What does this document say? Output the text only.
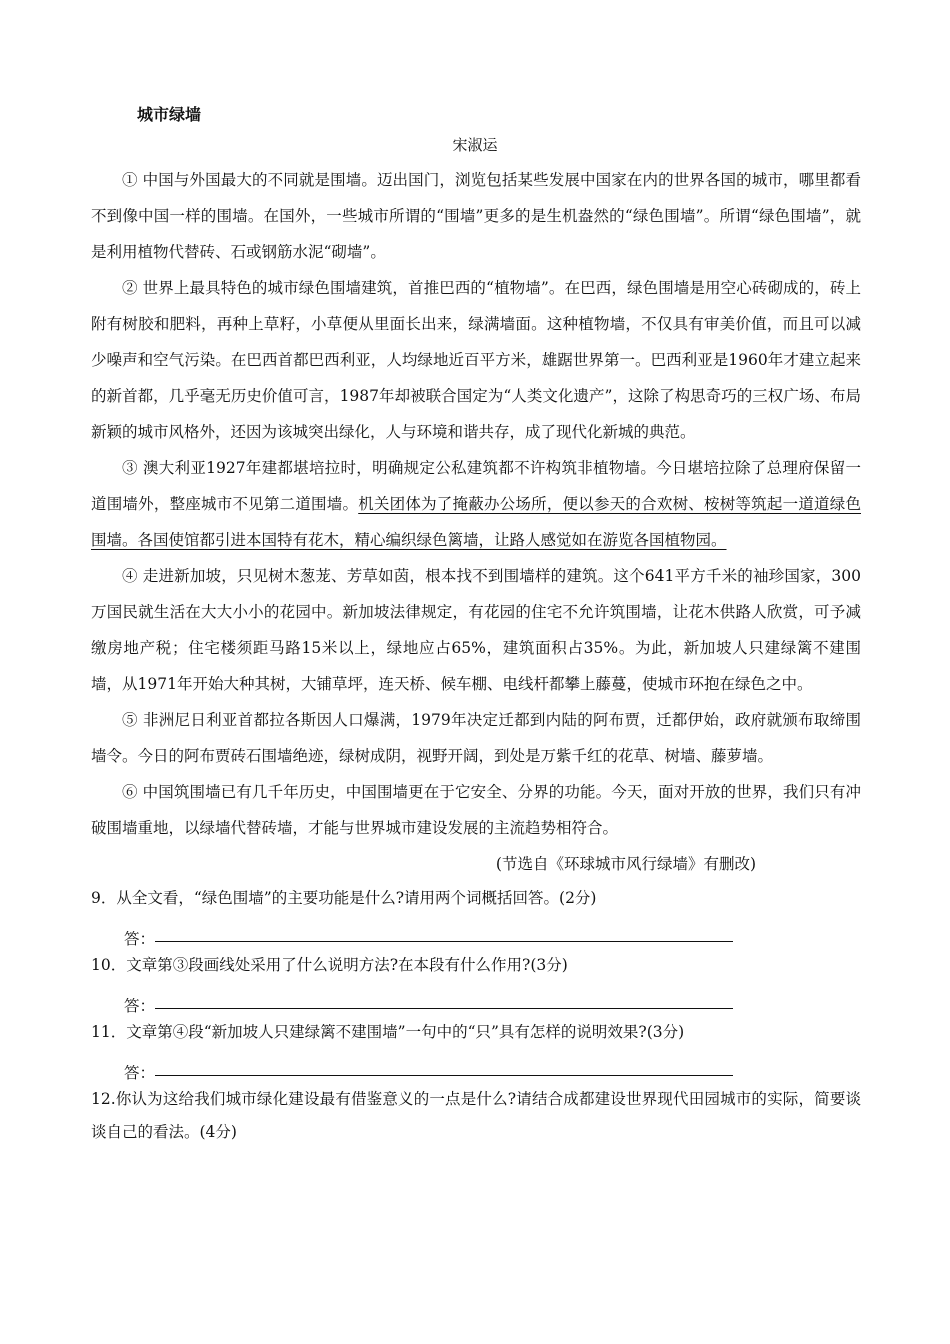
城市绿墙
宋淑运

① 中国与外国最大的不同就是围墙。迈出国门，浏览包括某些发展中国家在内的世界各国的城市，哪里都看不到像中国一样的围墙。在国外，一些城市所谓的“围墙”更多的是生机盎然的“绿色围墙”。所谓“绿色围墙”，就是利用植物代替砖、石或钢筋水泥“砌墙”。

② 世界上最具特色的城市绿色围墙建筑，首推巴西的“植物墙”。在巴西，绿色围墙是用空心砖砌成的，砖上附有树胶和肥料，再种上草籽，小草便从里面长出来，绿满墙面。这种植物墙，不仅具有审美价值，而且可以减少噪声和空气污染。在巴西首都巴西利亚，人均绿地近百平方米，雄踞世界第一。巴西利亚是1960年才建立起来的新首都，几乎毫无历史价值可言，1987年却被联合国定为“人类文化遗产”，这除了构思奇巧的三权广场、布局新颖的城市风格外，还因为该城突出绿化，人与环境和谐共存，成了现代化新城的典范。

③ 澳大利亚1927年建都堪培拉时，明确规定公私建筑都不许构筑非植物墙。今日堪培拉除了总理府保留一道围墙外，整座城市不见第二道围墙。机关团体为了掩蔽办公场所，便以参天的合欢树、桉树等筑起一道道绿色围墙。各国使馆都引进本国特有花木，精心编织绿色篱墙，让路人感觉如在游览各国植物园。

④ 走进新加坡，只见树木葱茏、芳草如茵，根本找不到围墙样的建筑。这个641平方千米的袖珍国家，300万国民就生活在大大小小的花园中。新加坡法律规定，有花园的住宅不允许筑围墙，让花木供路人欣赏，可予减缴房地产税；住宅楼须距马路15米以上，绿地应占65%，建筑面积占35%。为此，新加坡人只建绿篱不建围墙，从1971年开始大种其树，大铺草坪，连天桥、候车棚、电线杆都攀上藤蔓，使城市环抱在绿色之中。

⑤ 非洲尼日利亚首都拉各斯因人口爆满，1979年决定迁都到内陆的阿布贾，迁都伊始，政府就颁布取缔围墙令。今日的阿布贾砖石围墙绝迹，绿树成阴，视野开阔，到处是万紫千红的花草、树墙、藤萝墙。

⑥ 中国筑围墙已有几千年历史，中国围墙更在于它安全、分界的功能。今天，面对开放的世界，我们只有冲破围墙重地，以绿墙代替砖墙，才能与世界城市建设发展的主流趋势相符合。

(节选自《环球城市风行绿墙》有删改)

9．从全文看，“绿色围墙”的主要功能是什么?请用两个词概括回答。(2分)

答：

10．文章第③段画线处采用了什么说明方法?在本段有什么作用?(3分)

答：

11．文章第④段“新加坡人只建绿篱不建围墙”一句中的“只”具有怎样的说明效果?(3分)

答：

12.你认为这给我们城市绿化建设最有借鉴意义的一点是什么?请结合成都建设世界现代田园城市的实际，简要谈谈自己的看法。(4分)
